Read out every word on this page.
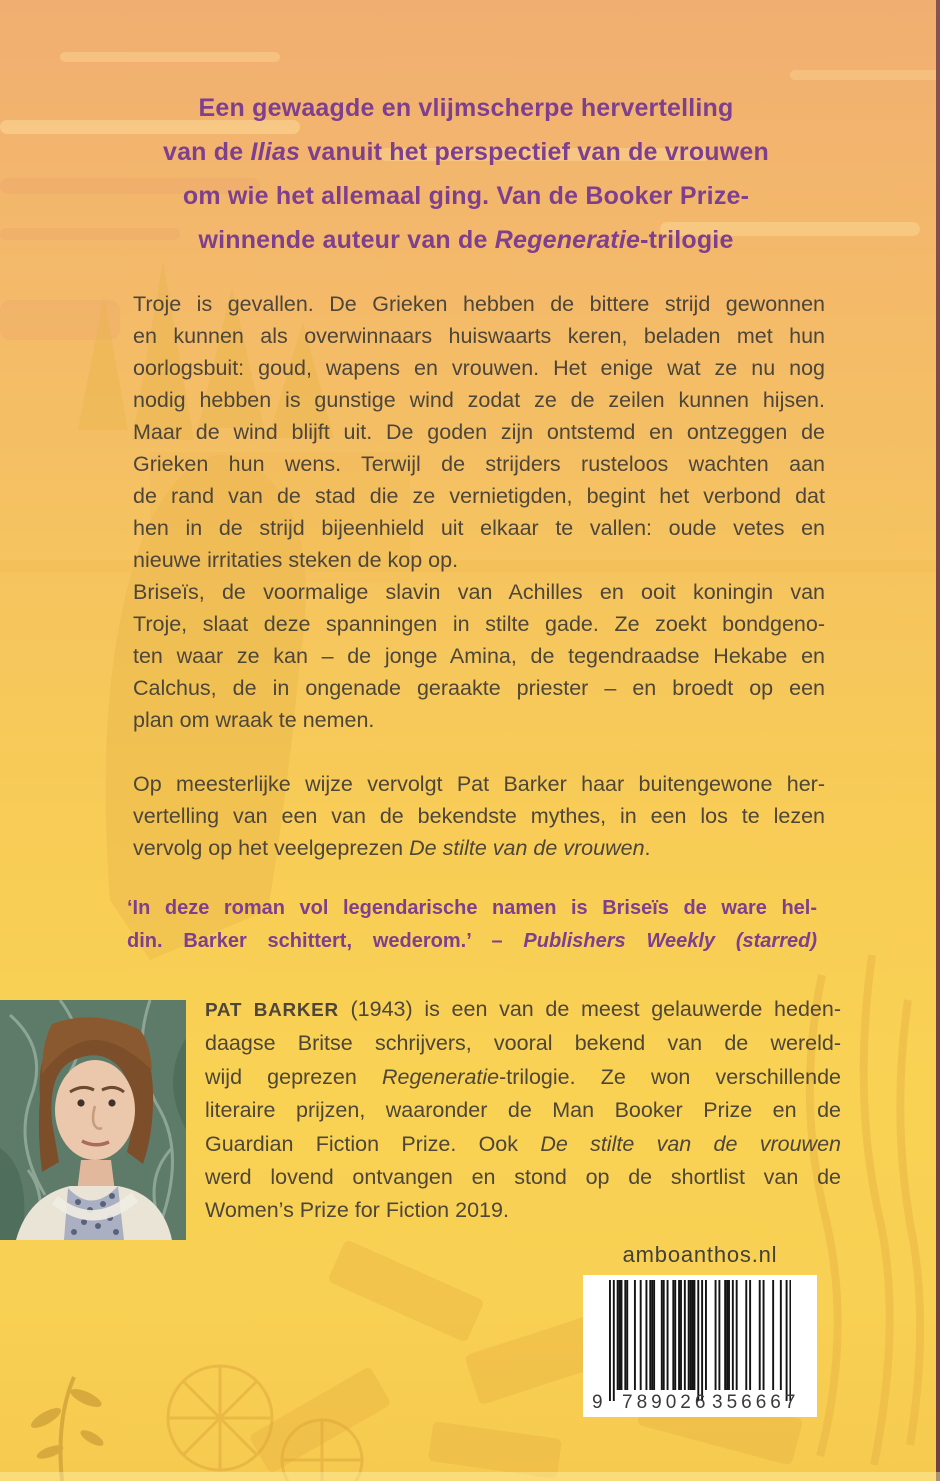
Een gewaagde en vlijmscherpe hervertelling
van de Ilias vanuit het perspectief van de vrouwen
om wie het allemaal ging. Van de Booker Prize-
winnende auteur van de Regeneratie-trilogie
Troje is gevallen. De Grieken hebben de bittere strijd gewonnen
en kunnen als overwinnaars huiswaarts keren, beladen met hun
oorlogsbuit: goud, wapens en vrouwen. Het enige wat ze nu nog
nodig hebben is gunstige wind zodat ze de zeilen kunnen hijsen.
Maar de wind blijft uit. De goden zijn ontstemd en ontzeggen de
Grieken hun wens. Terwijl de strijders rusteloos wachten aan
de rand van de stad die ze vernietigden, begint het verbond dat
hen in de strijd bijeenhield uit elkaar te vallen: oude vetes en
nieuwe irritaties steken de kop op.
Briseïs, de voormalige slavin van Achilles en ooit koningin van
Troje, slaat deze spanningen in stilte gade. Ze zoekt bondgeno-
ten waar ze kan – de jonge Amina, de tegendraadse Hekabe en
Calchus, de in ongenade geraakte priester – en broedt op een
plan om wraak te nemen.
Op meesterlijke wijze vervolgt Pat Barker haar buitengewone her-
vertelling van een van de bekendste mythes, in een los te lezen
vervolg op het veelgeprezen De stilte van de vrouwen.
‘In deze roman vol legendarische namen is Briseïs de ware hel-
din. Barker schittert, wederom.’ – Publishers Weekly (starred)
PAT BARKER (1943) is een van de meest gelauwerde heden-
daagse Britse schrijvers, vooral bekend van de wereld-
wijd geprezen Regeneratie-trilogie. Ze won verschillende
literaire prijzen, waaronder de Man Booker Prize en de
Guardian Fiction Prize. Ook De stilte van de vrouwen
werd lovend ontvangen en stond op de shortlist van de
Women’s Prize for Fiction 2019.
amboanthos.nl
9 789026 356667
